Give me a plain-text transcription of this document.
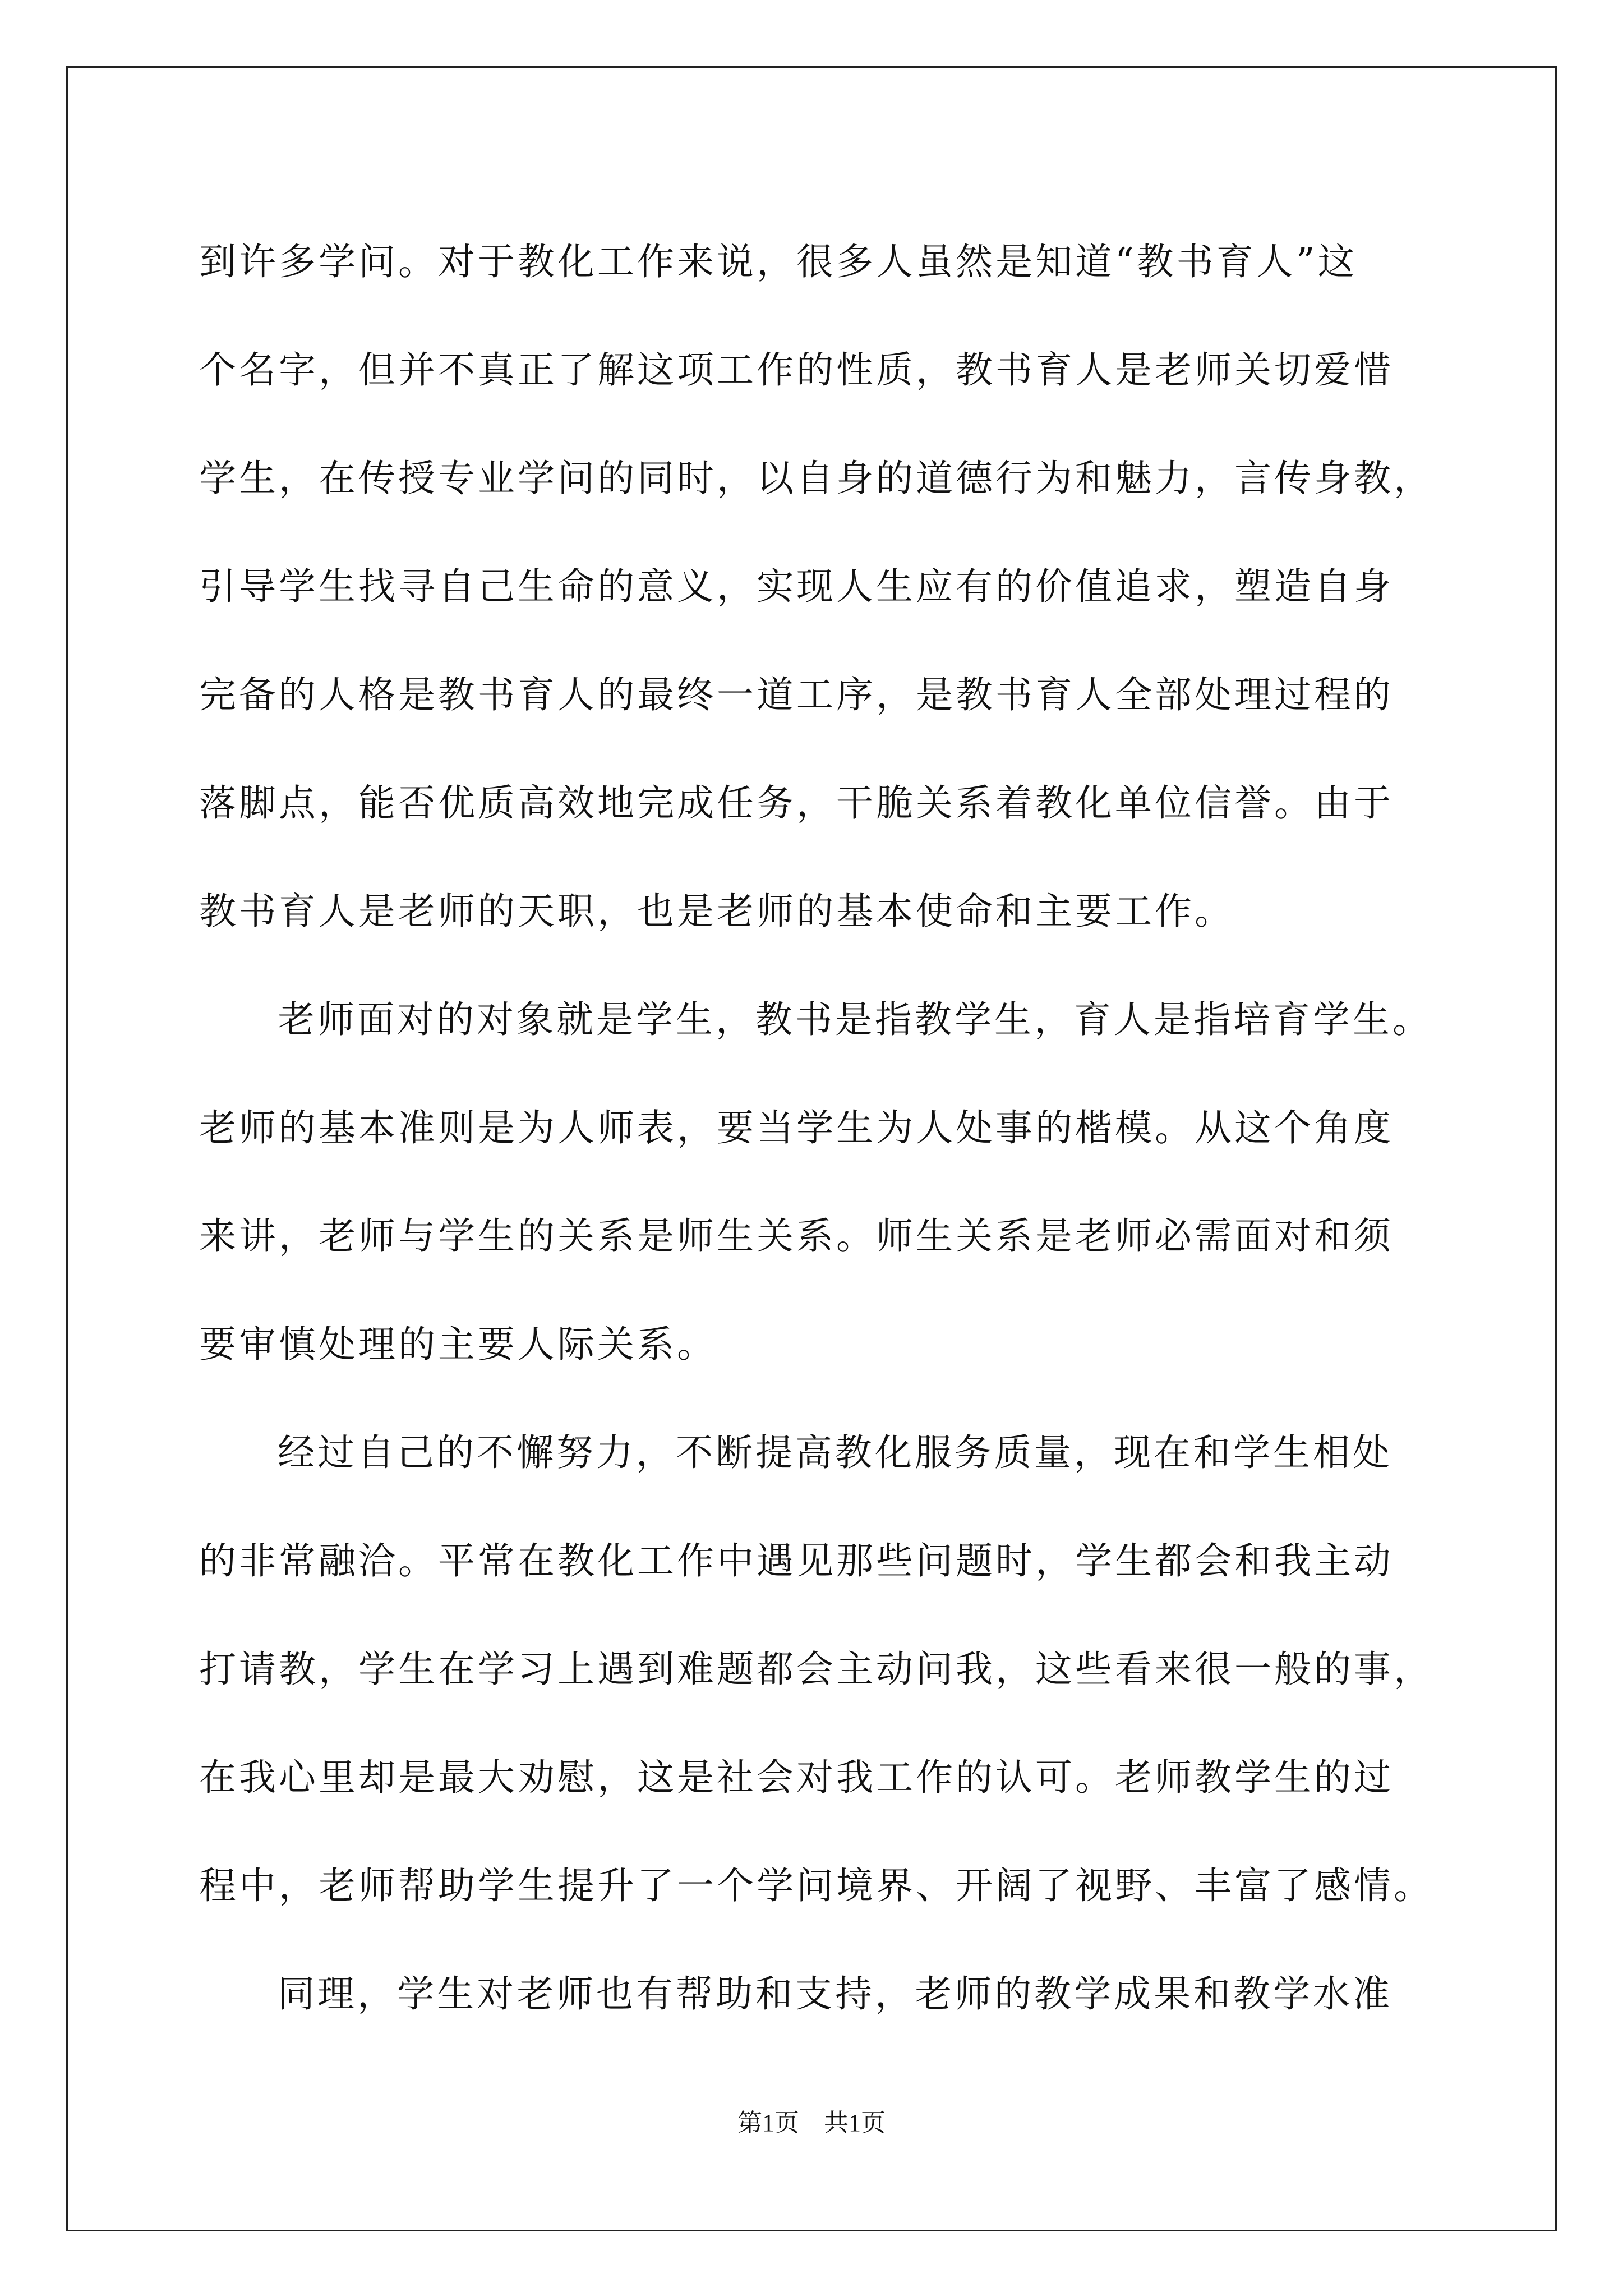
到许多学问。对于教化工作来说，很多人虽然是知道“教书育人”这
个名字，但并不真正了解这项工作的性质，教书育人是老师关切爱惜
学生，在传授专业学问的同时，以自身的道德行为和魅力，言传身教，
引导学生找寻自己生命的意义，实现人生应有的价值追求，塑造自身
完备的人格是教书育人的最终一道工序，是教书育人全部处理过程的
落脚点，能否优质高效地完成任务，干脆关系着教化单位信誉。由于
教书育人是老师的天职，也是老师的基本使命和主要工作。
老师面对的对象就是学生，教书是指教学生，育人是指培育学生。
老师的基本准则是为人师表，要当学生为人处事的楷模。从这个角度
来讲，老师与学生的关系是师生关系。师生关系是老师必需面对和须
要审慎处理的主要人际关系。
经过自己的不懈努力，不断提高教化服务质量，现在和学生相处
的非常融洽。平常在教化工作中遇见那些问题时，学生都会和我主动
打请教，学生在学习上遇到难题都会主动问我，这些看来很一般的事，
在我心里却是最大劝慰，这是社会对我工作的认可。老师教学生的过
程中，老师帮助学生提升了一个学问境界、开阔了视野、丰富了感情。
同理，学生对老师也有帮助和支持，老师的教学成果和教学水准
第1页　共1页
